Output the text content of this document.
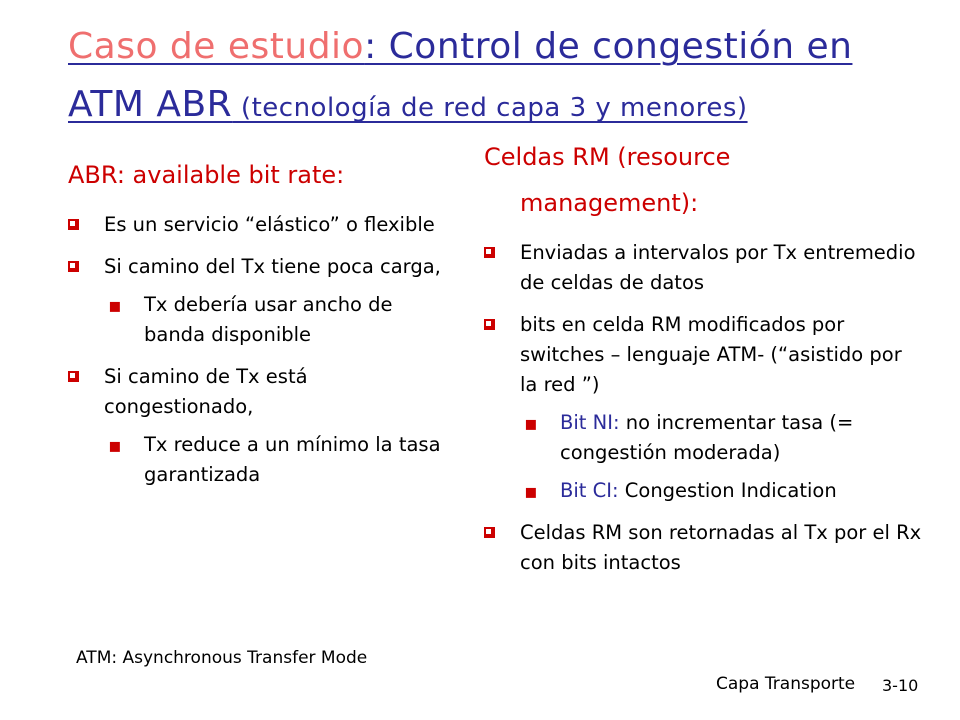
Caso de estudio: Control de congestión en ATM ABR (tecnología de red capa 3 y menores)
ABR: available bit rate:
Es un servicio “elástico” o flexible
Si camino del Tx tiene poca carga,
▪ Tx debería usar ancho de banda disponible
Si camino de Tx está congestionado,
▪ Tx reduce a un mínimo la tasa garantizada
Celdas RM (resource
management):
Enviadas a intervalos por Tx entremedio de celdas de datos
bits en celda RM modificados por switches – lenguaje ATM- (“asistido por la red ”)
▪ Bit NI: no incrementar tasa (= congestión moderada)
▪ Bit CI: Congestion Indication
Celdas RM son retornadas al Tx por el Rx con bits intactos
ATM: Asynchronous Transfer Mode
Capa Transporte 3-10
